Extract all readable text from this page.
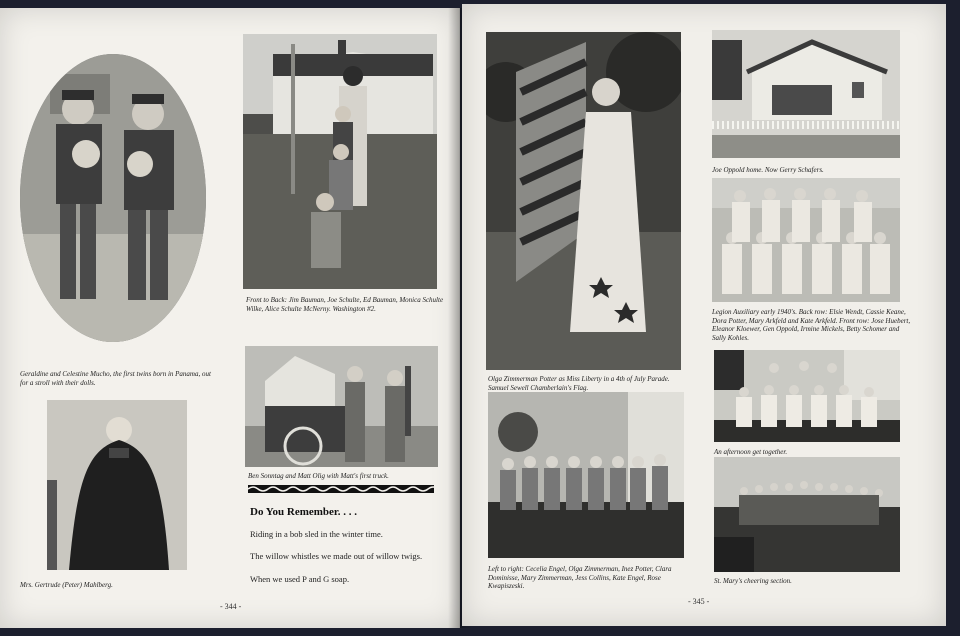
Geraldine and Celestine Mucho, the first twins born in Panama, out for a stroll with their dolls.
Mrs. Gertrude (Peter) Mahlberg.
Front to Back: Jim Bauman, Joe Schulte, Ed Bauman, Monica Schulte Wilke, Alice Schulte McNerny. Washington #2.
Ben Sonntag and Matt Olig with Matt's first truck.
Do You Remember. . . .
Riding in a bob sled in the winter time.
The willow whistles we made out of willow twigs.
When we used P and G soap.
- 344 -
Olga Zimmerman Potter as Miss Liberty in a 4th of July Parade. Samuel Sewell Chamberlain's Flag.
Left to right: Cecelia Engel, Olga Zimmerman, Inez Potter, Clara Dominisse, Mary Zimmerman, Jess Collins, Kate Engel, Rose Kwapiszeski.
Joe Oppold home. Now Gerry Schafers.
Legion Auxiliary early 1940's. Back row: Elsie Wendt, Cassie Keane, Dora Potter, Mary Arkfeld and Kate Arkfeld. Front row: Jose Huebert, Eleanor Kloewer, Gen Oppold, Irmine Mickels, Betty Schomer and Sally Kohles.
An afternoon get together.
St. Mary's cheering section.
- 345 -
